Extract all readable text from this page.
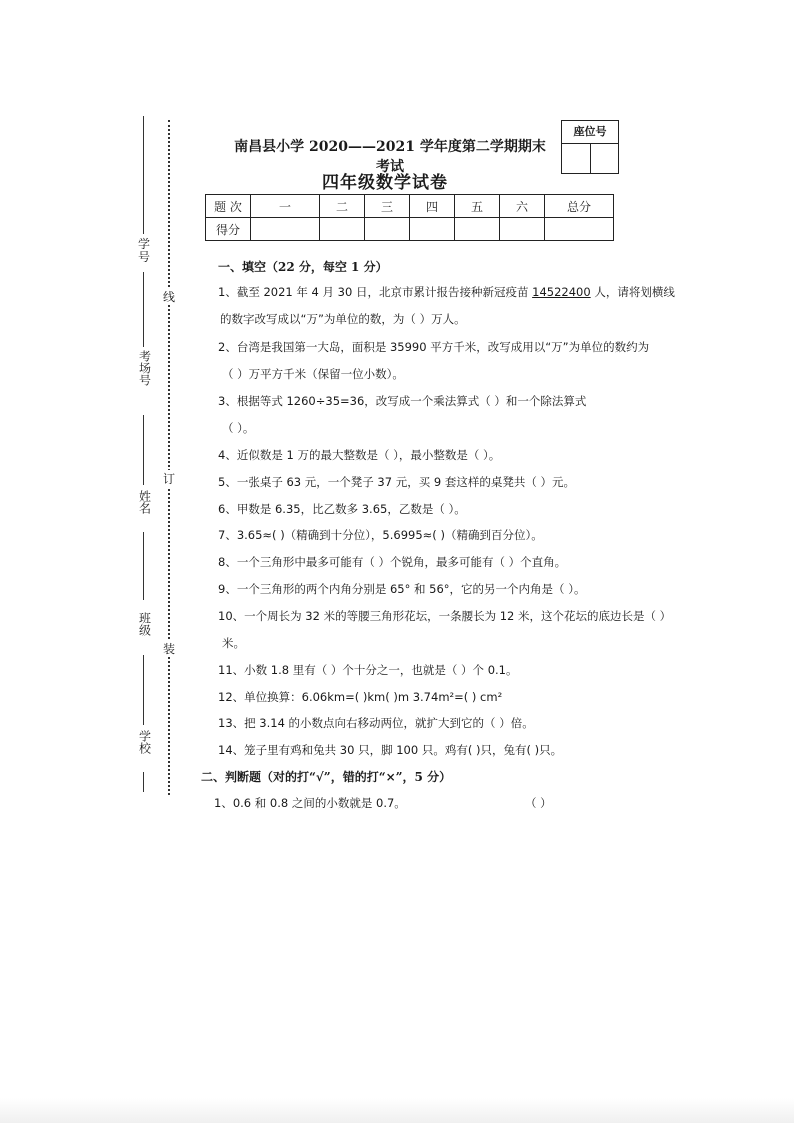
学号
考场号
姓名
班级
学校
线
订
装
南昌县小学 2020——2021 学年度第二学期期末考试
四年级数学试卷
座位号
题 次	一	二	三	四	五	六	总分
得分							
一、填空（22 分，每空 1 分）
1、截至 2021 年 4 月 30 日，北京市累计报告接种新冠疫苗 14522400 人，请将划横线
的数字改写成以“万”为单位的数，为（ ）万人。
2、台湾是我国第一大岛，面积是 35990 平方千米，改写成用以“万”为单位的数约为
（ ）万平方千米（保留一位小数）。
3、根据等式 1260÷35=36，改写成一个乘法算式（ ）和一个除法算式
（ ）。
4、近似数是 1 万的最大整数是（ ），最小整数是（ ）。
5、一张桌子 63 元，一个凳子 37 元，买 9 套这样的桌凳共（ ）元。
6、甲数是 6.35，比乙数多 3.65，乙数是（ ）。
7、3.65≈( )（精确到十分位），5.6995≈( )（精确到百分位）。
8、一个三角形中最多可能有（ ）个锐角，最多可能有（ ）个直角。
9、一个三角形的两个内角分别是 65° 和 56°，它的另一个内角是（ ）。
10、一个周长为 32 米的等腰三角形花坛，一条腰长为 12 米，这个花坛的底边长是（ ）
米。
11、小数 1.8 里有（ ）个十分之一，也就是（ ）个 0.1。
12、单位换算：6.06km=( )km( )m 3.74m²=( ) cm²
13、把 3.14 的小数点向右移动两位，就扩大到它的（ ）倍。
14、笼子里有鸡和兔共 30 只，脚 100 只。鸡有( )只，兔有( )只。
二、判断题（对的打“√”，错的打“×”，5 分）
1、0.6 和 0.8 之间的小数就是 0.7。	（ ）
